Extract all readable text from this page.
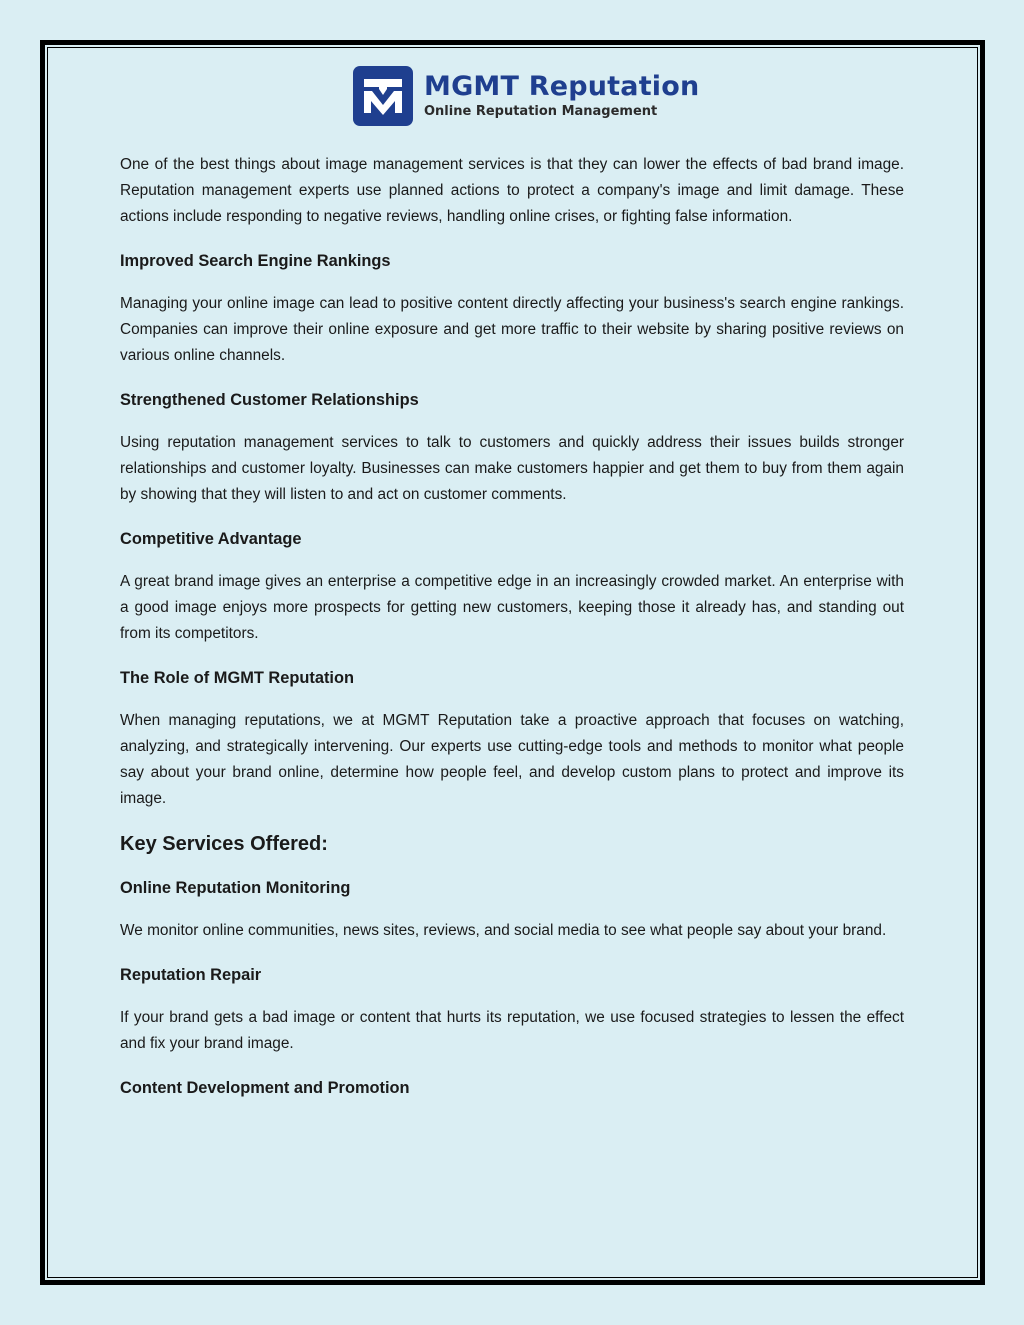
MGMT Reputation
Online Reputation Management

One of the best things about image management services is that they can lower the effects of bad brand image. Reputation management experts use planned actions to protect a company's image and limit damage. These actions include responding to negative reviews, handling online crises, or fighting false information.

Improved Search Engine Rankings

Managing your online image can lead to positive content directly affecting your business's search engine rankings. Companies can improve their online exposure and get more traffic to their website by sharing positive reviews on various online channels.

Strengthened Customer Relationships

Using reputation management services to talk to customers and quickly address their issues builds stronger relationships and customer loyalty. Businesses can make customers happier and get them to buy from them again by showing that they will listen to and act on customer comments.

Competitive Advantage

A great brand image gives an enterprise a competitive edge in an increasingly crowded market. An enterprise with a good image enjoys more prospects for getting new customers, keeping those it already has, and standing out from its competitors.

The Role of MGMT Reputation

When managing reputations, we at MGMT Reputation take a proactive approach that focuses on watching, analyzing, and strategically intervening. Our experts use cutting-edge tools and methods to monitor what people say about your brand online, determine how people feel, and develop custom plans to protect and improve its image.

Key Services Offered:
Online Reputation Monitoring

We monitor online communities, news sites, reviews, and social media to see what people say about your brand.

Reputation Repair

If your brand gets a bad image or content that hurts its reputation, we use focused strategies to lessen the effect and fix your brand image.

Content Development and Promotion
